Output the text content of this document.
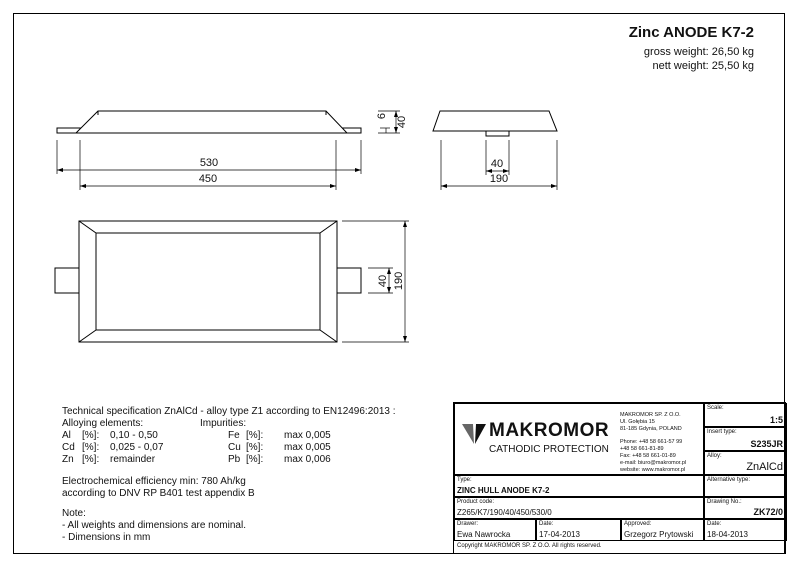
Zinc ANODE K7-2
gross weight: 26,50 kg
nett weight: 25,50 kg
530
450
40
190
6 40
40 190
Technical specification ZnAlCd - alloy type Z1 according to EN12496:2013 :
Alloying elements:	Impurities:
Al [%]: 0,10 - 0,50
Cd [%]: 0,025 - 0,07
Zn [%]: remainder
Fe [%]: max 0,005
Cu [%]: max 0,005
Pb [%]: max 0,006
Electrochemical efficiency min: 780 Ah/kg
according to DNV RP B401 test appendix B
Note:
- All weights and dimensions are nominal.
- Dimensions in mm
MAKROMOR
CATHODIC PROTECTION
MAKROMOR SP. Z O.O.
Ul. Gołębia 15
81-185 Gdynia, POLAND
Phone: +48 58 661-57 99
+48 58 661-81-89
Fax: +48 58 661-01-89
e-mail: biuro@makromor.pl
website: www.makromor.pl
Scale:
1:5
Insert type:
S235JR
Alloy:
ZnAlCd
Type:
ZINC HULL ANODE K7-2
Alternative type:
Product code:
Z265/K7/190/40/450/530/0
Drawing No.:
ZK72/0
Drawer:
Ewa Nawrocka
Date:
17-04-2013
Approved:
Grzegorz Prytowski
Date:
18-04-2013
Copyright MAKROMOR SP. Z O.O. All rights reserved.
